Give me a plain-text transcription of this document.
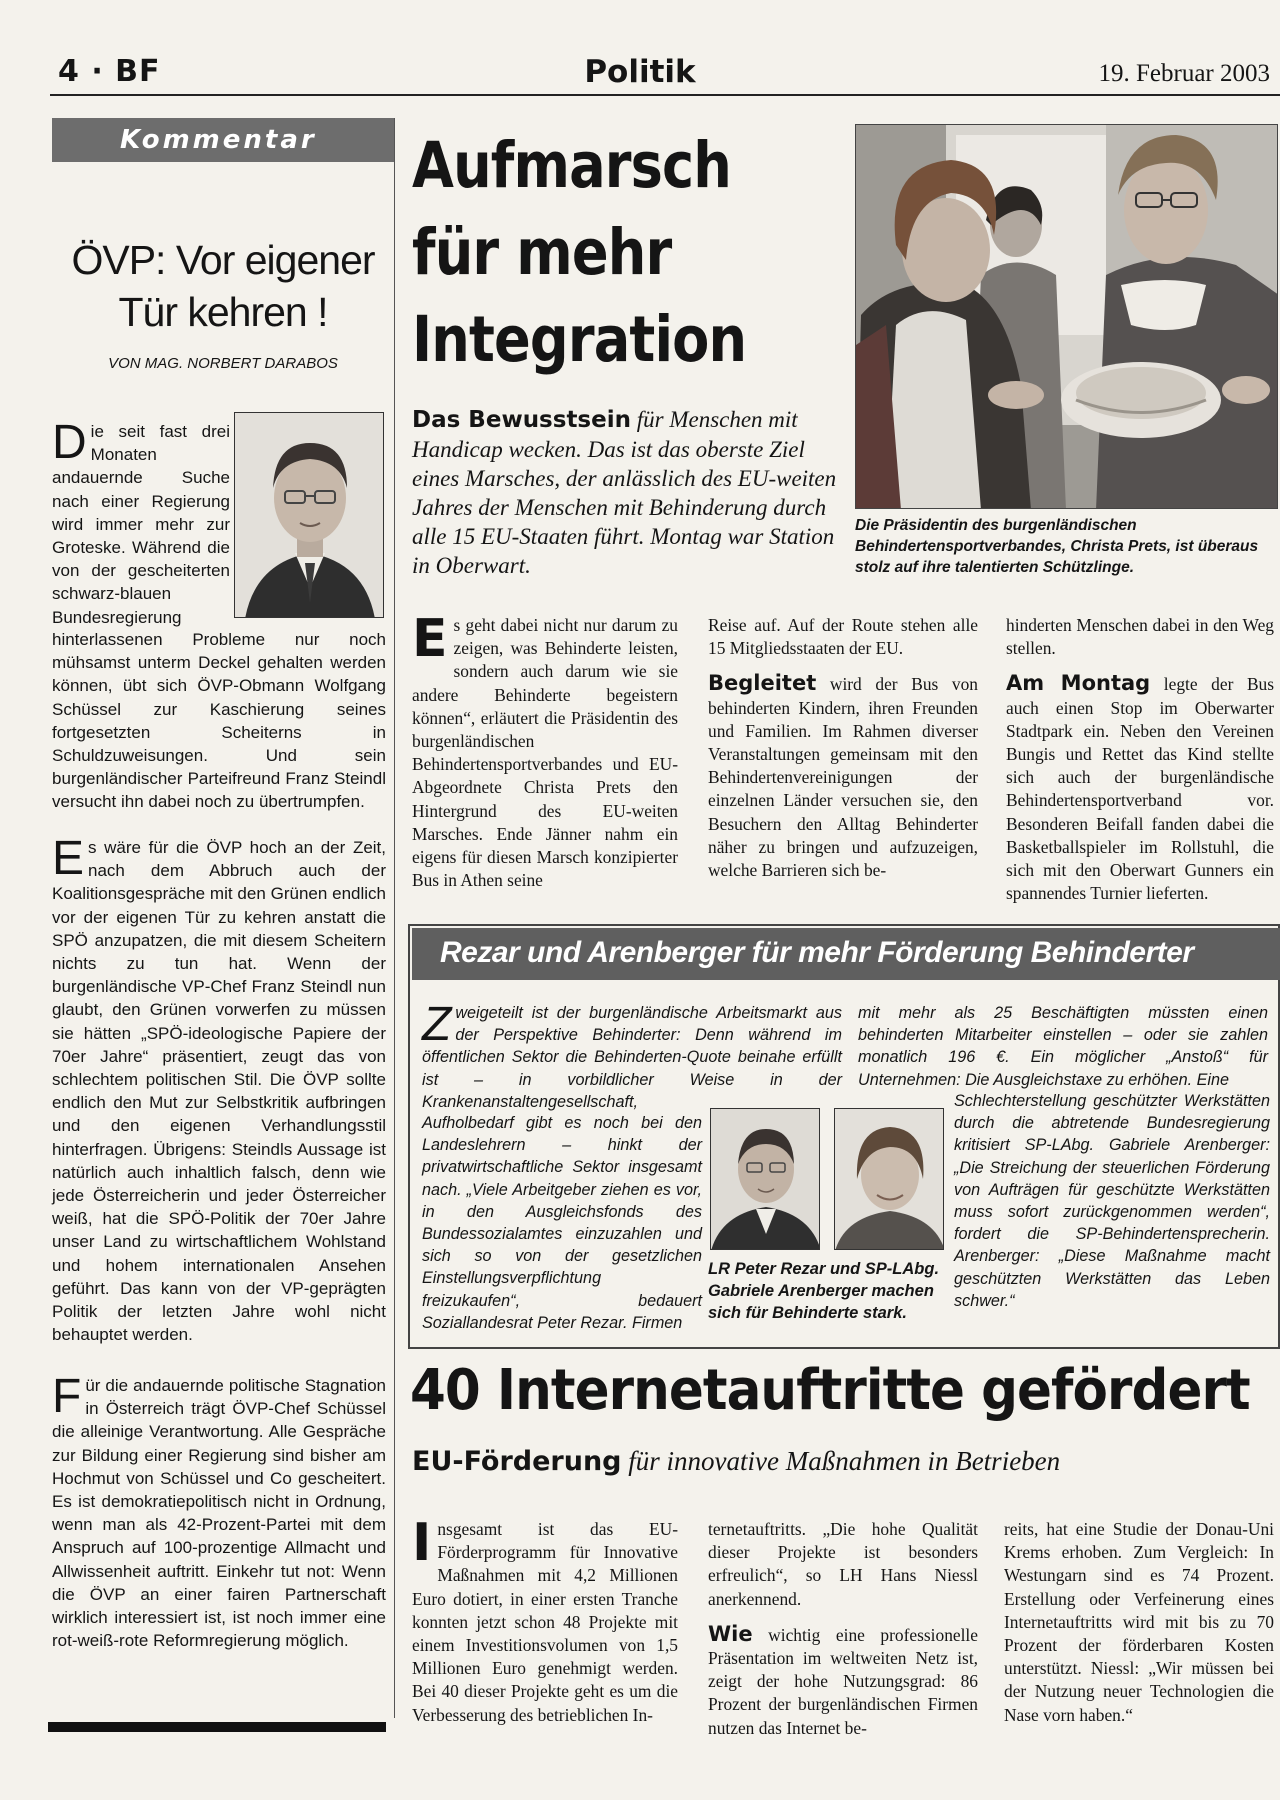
4 · BF	Politik	19. Februar 2003
Kommentar
ÖVP: Vor eigener
Tür kehren !
VON MAG. NORBERT DARABOS

Die seit fast drei Monaten andauernde Suche nach einer Regierung wird immer mehr zur Groteske. Während die von der gescheiterten schwarz-blauen Bundesregierung

hinterlassenen Probleme nur noch mühsamst unterm Deckel gehalten werden können, übt sich ÖVP-Obmann Wolfgang Schüssel zur Kaschierung seines fortgesetzten Scheiterns in Schuldzuweisungen. Und sein burgenländischer Parteifreund Franz Steindl versucht ihn dabei noch zu übertrumpfen.

Es wäre für die ÖVP hoch an der Zeit, nach dem Abbruch auch der Koalitionsgespräche mit den Grünen endlich vor der eigenen Tür zu kehren anstatt die SPÖ anzupatzen, die mit diesem Scheitern nichts zu tun hat. Wenn der burgenländische VP-Chef Franz Steindl nun glaubt, den Grünen vorwerfen zu müssen sie hätten „SPÖ-ideologische Papiere der 70er Jahre“ präsentiert, zeugt das von schlechtem politischen Stil. Die ÖVP sollte endlich den Mut zur Selbstkritik aufbringen und den eigenen Verhandlungsstil hinterfragen. Übrigens: Steindls Aussage ist natürlich auch inhaltlich falsch, denn wie jede Österreicherin und jeder Österreicher weiß, hat die SPÖ-Politik der 70er Jahre unser Land zu wirtschaftlichem Wohlstand und hohem internationalen Ansehen geführt. Das kann von der VP-geprägten Politik der letzten Jahre wohl nicht behauptet werden.

Für die andauernde politische Stagnation in Österreich trägt ÖVP-Chef Schüssel die alleinige Verantwortung. Alle Gespräche zur Bildung einer Regierung sind bisher am Hochmut von Schüssel und Co gescheitert. Es ist demokratiepolitisch nicht in Ordnung, wenn man als 42-Prozent-Partei mit dem Anspruch auf 100-prozentige Allmacht und Allwissenheit auftritt. Einkehr tut not: Wenn die ÖVP an einer fairen Partnerschaft wirklich interessiert ist, ist noch immer eine rot-weiß-rote Reformregierung möglich.

Aufmarsch
für mehr
Integration
Die Präsidentin des burgenländischen Behindertensportverbandes, Christa Prets, ist überaus stolz auf ihre talentierten Schützlinge.
Das Bewusstsein für Menschen mit Handicap wecken. Das ist das oberste Ziel eines Marsches, der anlässlich des EU-weiten Jahres der Menschen mit Behinderung durch alle 15 EU-Staaten führt. Montag war Station in Oberwart.

Es geht dabei nicht nur darum zu zeigen, was Behinderte leisten, sondern auch darum wie sie andere Behinderte begeistern können“, erläutert die Präsidentin des burgenländischen Behindertensportverbandes und EU-Abgeordnete Christa Prets den Hintergrund des EU-weiten Marsches. Ende Jänner nahm ein eigens für diesen Marsch konzipierter Bus in Athen seine

Reise auf. Auf der Route stehen alle 15 Mitgliedsstaaten der EU.

Begleitet wird der Bus von behinderten Kindern, ihren Freunden und Familien. Im Rahmen diverser Veranstaltungen gemeinsam mit den Behindertenvereinigungen der einzelnen Länder versuchen sie, den Besuchern den Alltag Behinderter näher zu bringen und aufzuzeigen, welche Barrieren sich be-

hinderten Menschen dabei in den Weg stellen.

Am Montag legte der Bus auch einen Stop im Oberwarter Stadtpark ein. Neben den Vereinen Bungis und Rettet das Kind stellte sich auch der burgenländische Behindertensportverband vor. Besonderen Beifall fanden dabei die Basketballspieler im Rollstuhl, die sich mit den Oberwart Gunners ein spannendes Turnier lieferten.

Rezar und Arenberger für mehr Förderung Behinderter

Zweigeteilt ist der burgenländische Arbeitsmarkt aus der Perspektive Behinderter: Denn während im öffentlichen Sektor die Behinderten-Quote beinahe erfüllt ist – in vorbildlicher Weise in der Krankenanstaltengesellschaft,

Aufholbedarf gibt es noch bei den Landeslehrern – hinkt der privatwirtschaftliche Sektor insgesamt nach. „Viele Arbeitgeber ziehen es vor, in den Ausgleichsfonds des Bundessozialamtes einzuzahlen und sich so von der gesetzlichen Einstellungsverpflichtung freizukaufen“, bedauert Soziallandesrat Peter Rezar. Firmen

mit mehr als 25 Beschäftigten müssten einen behinderten Mitarbeiter einstellen – oder sie zahlen monatlich 196 €. Ein möglicher „Anstoß“ für Unternehmen: Die Ausgleichstaxe zu erhöhen. Eine

Schlechterstellung geschützter Werkstätten durch die abtretende Bundesregierung kritisiert SP-LAbg. Gabriele Arenberger: „Die Streichung der steuerlichen Förderung von Aufträgen für geschützte Werkstätten muss sofort zurückgenommen werden“, fordert die SP-Behindertensprecherin. Arenberger: „Diese Maßnahme macht geschützten Werkstätten das Leben schwer.“

LR Peter Rezar und SP-LAbg. Gabriele Arenberger machen sich für Behinderte stark.
40 Internetauftritte gefördert
EU-Förderung für innovative Maßnahmen in Betrieben

Insgesamt ist das EU-Förderprogramm für Innovative Maßnahmen mit 4,2 Millionen Euro dotiert, in einer ersten Tranche konnten jetzt schon 48 Projekte mit einem Investitionsvolumen von 1,5 Millionen Euro genehmigt werden. Bei 40 dieser Projekte geht es um die Verbesserung des betrieblichen In-

ternetauftritts. „Die hohe Qualität dieser Projekte ist besonders erfreulich“, so LH Hans Niessl anerkennend.

Wie wichtig eine professionelle Präsentation im weltweiten Netz ist, zeigt der hohe Nutzungsgrad: 86 Prozent der burgenländischen Firmen nutzen das Internet be-

reits, hat eine Studie der Donau-Uni Krems erhoben. Zum Vergleich: In Westungarn sind es 74 Prozent. Erstellung oder Verfeinerung eines Internetauftritts wird mit bis zu 70 Prozent der förderbaren Kosten unterstützt. Niessl: „Wir müssen bei der Nutzung neuer Technologien die Nase vorn haben.“
